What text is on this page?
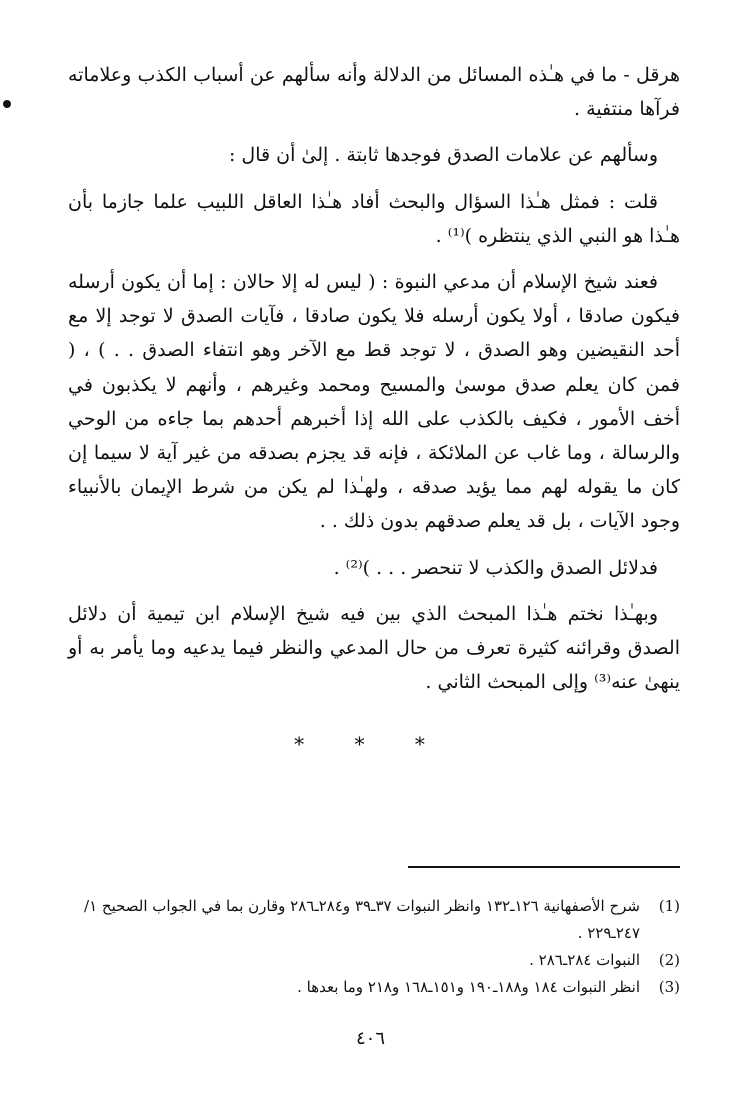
هرقل - ما في هـٰذه المسائل من الدلالة وأنه سألهم عن أسباب الكذب وعلاماته فرآها منتفية .

وسألهم عن علامات الصدق فوجدها ثابتة . إلىٰ أن قال :

قلت : فمثل هـٰذا السؤال والبحث أفاد هـٰذا العاقل اللبيب علما جازما بأن هـٰذا هو النبي الذي ينتظره )⁽¹⁾ .

فعند شيخ الإسلام أن مدعي النبوة : ( ليس له إلا حالان : إما أن يكون أرسله فيكون صادقا ، أولا يكون أرسله فلا يكون صادقا ، فآيات الصدق لا توجد إلا مع أحد النقيضين وهو الصدق ، لا توجد قط مع الآخر وهو انتفاء الصدق . . ) ، ( فمن كان يعلم صدق موسىٰ والمسيح ومحمد وغيرهم ، وأنهم لا يكذبون في أخف الأمور ، فكيف بالكذب على الله إذا أخبرهم أحدهم بما جاءه من الوحي والرسالة ، وما غاب عن الملائكة ، فإنه قد يجزم بصدقه من غير آية لا سيما إن كان ما يقوله لهم مما يؤيد صدقه ، ولهـٰذا لم يكن من شرط الإيمان بالأنبياء وجود الآيات ، بل قد يعلم صدقهم بدون ذلك . .

فدلائل الصدق والكذب لا تنحصر . . . )⁽²⁾ .

وبهـٰذا نختم هـٰذا المبحث الذي بين فيه شيخ الإسلام ابن تيمية أن دلائل الصدق وقرائنه كثيرة تعرف من حال المدعي والنظر فيما يدعيه وما يأمر به أو ينهىٰ عنه⁽³⁾ وإلى المبحث الثاني .

* * *
(1)
شرح الأصفهانية ١٢٦ـ١٣٢ وانظر النبوات ٣٧ـ٣٩ و٢٨٤ـ٢٨٦ وقارن بما في الجواب الصحيح ١/ ٢٤٧ـ٢٢٩ .
(2)
النبوات ٢٨٤ـ٢٨٦ .
(3)
انظر النبوات ١٨٤ و١٨٨ـ١٩٠ و١٥١ـ١٦٨ و٢١٨ وما بعدها .
٤٠٦
